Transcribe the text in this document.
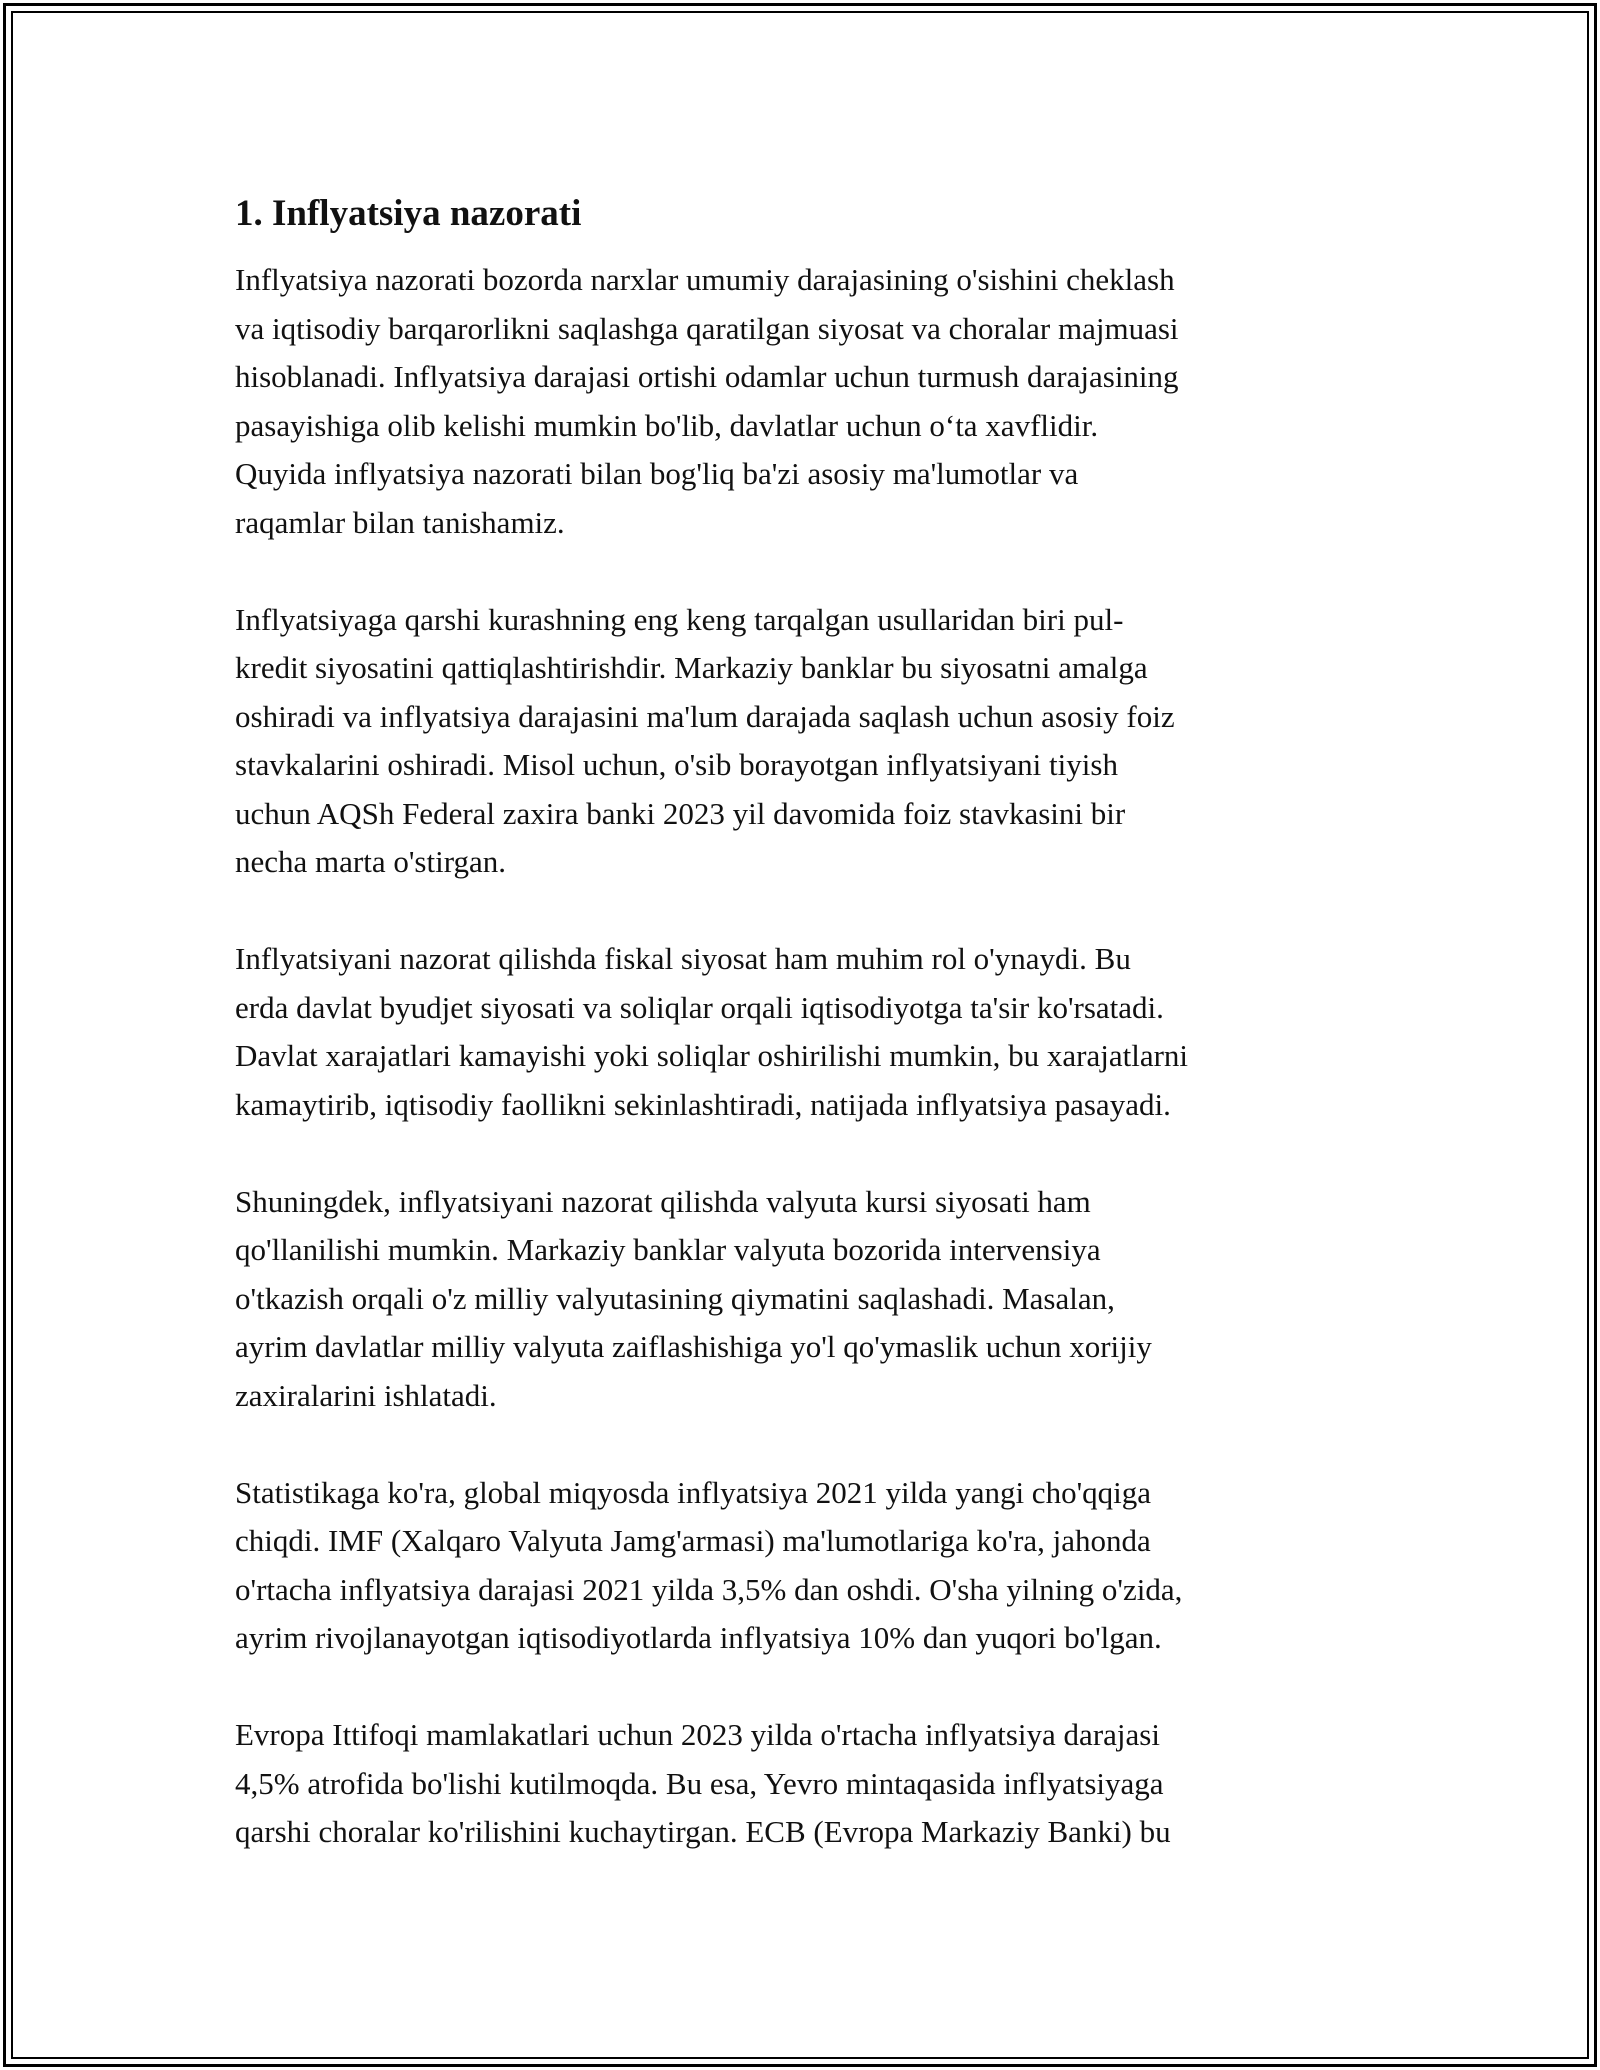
1. Inflyatsiya nazorati

Inflyatsiya nazorati bozorda narxlar umumiy darajasining o'sishini cheklash
va iqtisodiy barqarorlikni saqlashga qaratilgan siyosat va choralar majmuasi
hisoblanadi. Inflyatsiya darajasi ortishi odamlar uchun turmush darajasining
pasayishiga olib kelishi mumkin bo'lib, davlatlar uchun o‘ta xavflidir.
Quyida inflyatsiya nazorati bilan bog'liq ba'zi asosiy ma'lumotlar va
raqamlar bilan tanishamiz.

Inflyatsiyaga qarshi kurashning eng keng tarqalgan usullaridan biri pul-
kredit siyosatini qattiqlashtirishdir. Markaziy banklar bu siyosatni amalga
oshiradi va inflyatsiya darajasini ma'lum darajada saqlash uchun asosiy foiz
stavkalarini oshiradi. Misol uchun, o'sib borayotgan inflyatsiyani tiyish
uchun AQSh Federal zaxira banki 2023 yil davomida foiz stavkasini bir
necha marta o'stirgan.

Inflyatsiyani nazorat qilishda fiskal siyosat ham muhim rol o'ynaydi. Bu
erda davlat byudjet siyosati va soliqlar orqali iqtisodiyotga ta'sir ko'rsatadi.
Davlat xarajatlari kamayishi yoki soliqlar oshirilishi mumkin, bu xarajatlarni
kamaytirib, iqtisodiy faollikni sekinlashtiradi, natijada inflyatsiya pasayadi.

Shuningdek, inflyatsiyani nazorat qilishda valyuta kursi siyosati ham
qo'llanilishi mumkin. Markaziy banklar valyuta bozorida intervensiya
o'tkazish orqali o'z milliy valyutasining qiymatini saqlashadi. Masalan,
ayrim davlatlar milliy valyuta zaiflashishiga yo'l qo'ymaslik uchun xorijiy
zaxiralarini ishlatadi.

Statistikaga ko'ra, global miqyosda inflyatsiya 2021 yilda yangi cho'qqiga
chiqdi. IMF (Xalqaro Valyuta Jamg'armasi) ma'lumotlariga ko'ra, jahonda
o'rtacha inflyatsiya darajasi 2021 yilda 3,5% dan oshdi. O'sha yilning o'zida,
ayrim rivojlanayotgan iqtisodiyotlarda inflyatsiya 10% dan yuqori bo'lgan.

Evropa Ittifoqi mamlakatlari uchun 2023 yilda o'rtacha inflyatsiya darajasi
4,5% atrofida bo'lishi kutilmoqda. Bu esa, Yevro mintaqasida inflyatsiyaga
qarshi choralar ko'rilishini kuchaytirgan. ECB (Evropa Markaziy Banki) bu
